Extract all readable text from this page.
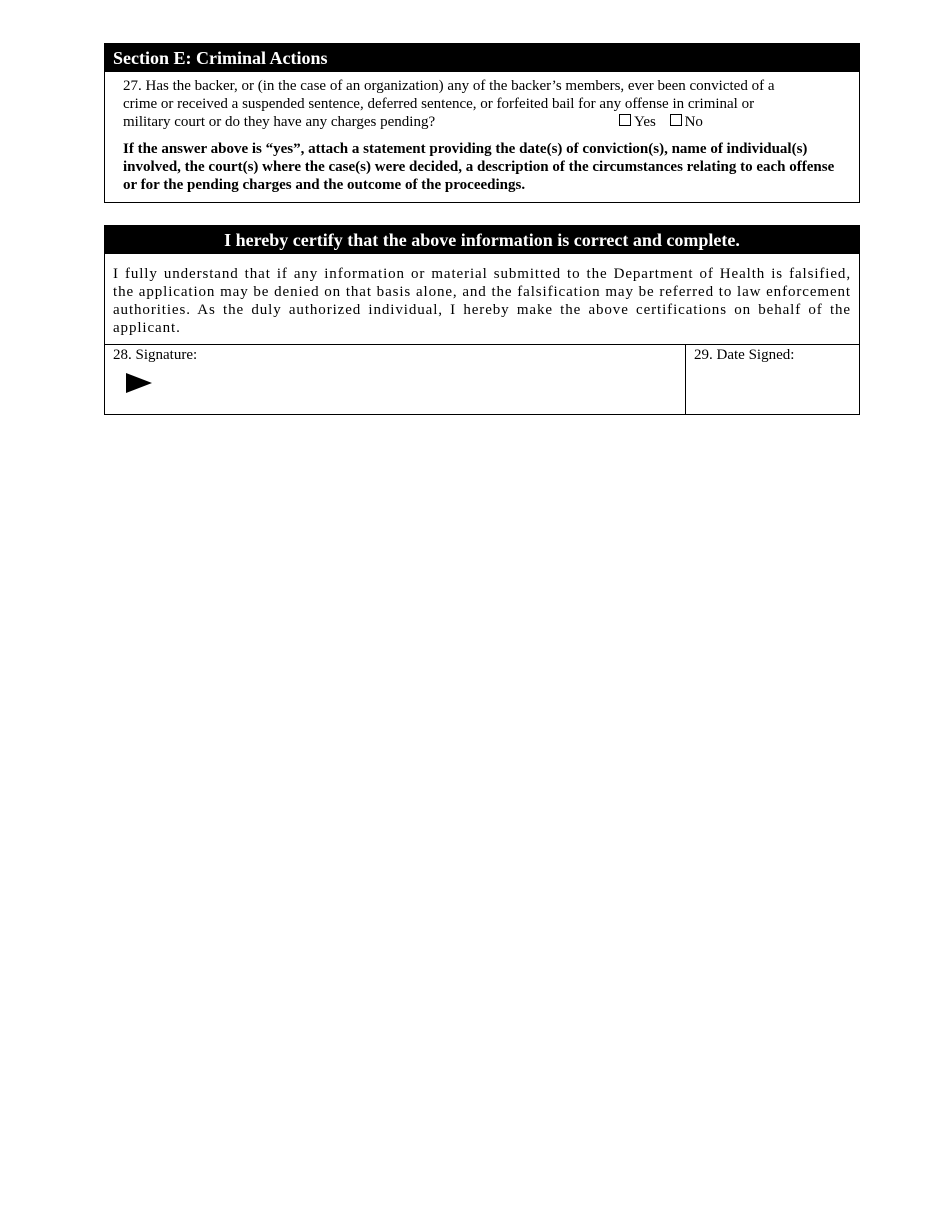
Section E: Criminal Actions
27. Has the backer, or (in the case of an organization) any of the backer’s members, ever been convicted of a
crime or received a suspended sentence, deferred sentence, or forfeited bail for any offense in criminal or
military court or do they have any charges pending?	Yes No
If the answer above is “yes”, attach a statement providing the date(s) of conviction(s), name of individual(s) involved, the court(s) where the case(s) were decided, a description of the circumstances relating to each offense or for the pending charges and the outcome of the proceedings.
I hereby certify that the above information is correct and complete.
I fully understand that if any information or material submitted to the Department of Health is falsified, the application may be denied on that basis alone, and the falsification may be referred to law enforcement authorities. As the duly authorized individual, I hereby make the above certifications on behalf of the applicant.
28. Signature:	29. Date Signed:
